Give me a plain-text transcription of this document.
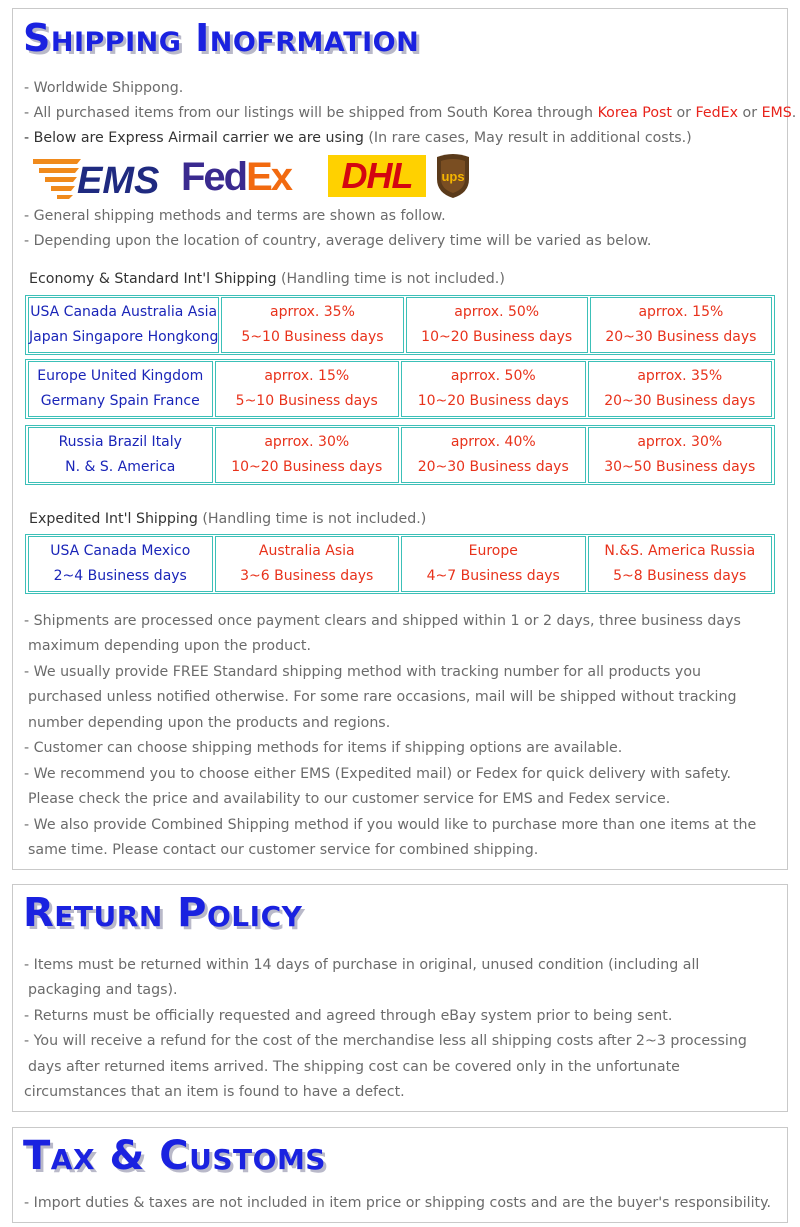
Shipping Inofrmation
- Worldwide Shippong.
- All purchased items from our listings will be shipped from South Korea through Korea Post or FedEx or EMS.
- Below are Express Airmail carrier we are using (In rare cases, May result in additional costs.)
EMS FedEx DHL ups
- General shipping methods and terms are shown as follow.
- Depending upon the location of country, average delivery time will be varied as below.
Economy & Standard Int'l Shipping (Handling time is not included.)
USA Canada Australia Asia
Japan Singapore Hongkong
aprrox. 35%
5~10 Business days
aprrox. 50%
10~20 Business days
aprrox. 15%
20~30 Business days
Europe United Kingdom
Germany Spain France
aprrox. 15%
5~10 Business days
aprrox. 50%
10~20 Business days
aprrox. 35%
20~30 Business days
Russia Brazil Italy
N. & S. America
aprrox. 30%
10~20 Business days
aprrox. 40%
20~30 Business days
aprrox. 30%
30~50 Business days
Expedited Int'l Shipping (Handling time is not included.)
USA Canada Mexico
2~4 Business days
Australia Asia
3~6 Business days
Europe
4~7 Business days
N.&S. America Russia
5~8 Business days
- Shipments are processed once payment clears and shipped within 1 or 2 days, three business days
maximum depending upon the product.
- We usually provide FREE Standard shipping method with tracking number for all products you
purchased unless notified otherwise. For some rare occasions, mail will be shipped without tracking
number depending upon the products and regions.
- Customer can choose shipping methods for items if shipping options are available.
- We recommend you to choose either EMS (Expedited mail) or Fedex for quick delivery with safety.
Please check the price and availability to our customer service for EMS and Fedex service.
- We also provide Combined Shipping method if you would like to purchase more than one items at the
same time. Please contact our customer service for combined shipping.
Return Policy
- Items must be returned within 14 days of purchase in original, unused condition (including all
packaging and tags).
- Returns must be officially requested and agreed through eBay system prior to being sent.
- You will receive a refund for the cost of the merchandise less all shipping costs after 2~3 processing
days after returned items arrived. The shipping cost can be covered only in the unfortunate
circumstances that an item is found to have a defect.
Tax & Customs
- Import duties & taxes are not included in item price or shipping costs and are the buyer's responsibility.
